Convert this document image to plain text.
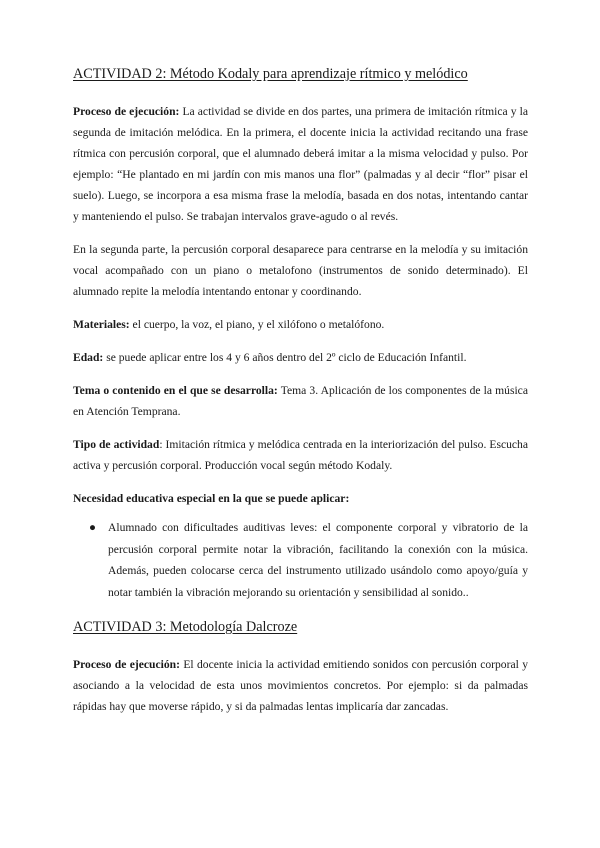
ACTIVIDAD 2: Método Kodaly para aprendizaje rítmico y melódico

Proceso de ejecución: La actividad se divide en dos partes, una primera de imitación rítmica y la segunda de imitación melódica. En la primera, el docente inicia la actividad recitando una frase rítmica con percusión corporal, que el alumnado deberá imitar a la misma velocidad y pulso. Por ejemplo: “He plantado en mi jardín con mis manos una flor” (palmadas y al decir “flor” pisar el suelo). Luego, se incorpora a esa misma frase la melodía, basada en dos notas, intentando cantar y manteniendo el pulso. Se trabajan intervalos grave-agudo o al revés.

En la segunda parte, la percusión corporal desaparece para centrarse en la melodía y su imitación vocal acompañado con un piano o metalofono (instrumentos de sonido determinado). El alumnado repite la melodía intentando entonar y coordinando.

Materiales: el cuerpo, la voz, el piano, y el xilófono o metalófono.

Edad: se puede aplicar entre los 4 y 6 años dentro del 2º ciclo de Educación Infantil.

Tema o contenido en el que se desarrolla: Tema 3. Aplicación de los componentes de la música en Atención Temprana.

Tipo de actividad: Imitación rítmica y melódica centrada en la interiorización del pulso. Escucha activa y percusión corporal. Producción vocal según método Kodaly.

Necesidad educativa especial en la que se puede aplicar:

● Alumnado con dificultades auditivas leves: el componente corporal y vibratorio de la percusión corporal permite notar la vibración, facilitando la conexión con la música. Además, pueden colocarse cerca del instrumento utilizado usándolo como apoyo/guía y notar también la vibración mejorando su orientación y sensibilidad al sonido..
ACTIVIDAD 3: Metodología Dalcroze

Proceso de ejecución: El docente inicia la actividad emitiendo sonidos con percusión corporal y asociando a la velocidad de esta unos movimientos concretos. Por ejemplo: si da palmadas rápidas hay que moverse rápido, y si da palmadas lentas implicaría dar zancadas.
